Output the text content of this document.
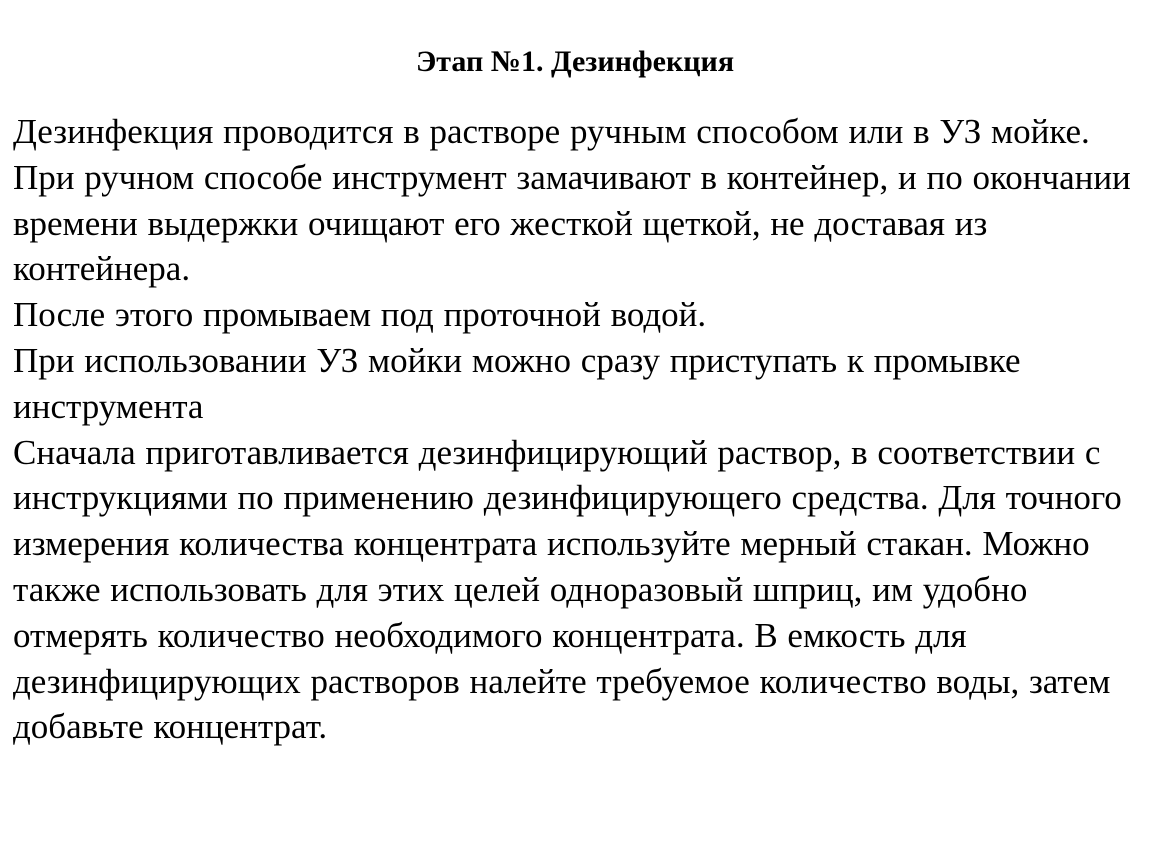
Этап №1. Дезинфекция

Дезинфекция проводится в растворе ручным способом или в УЗ мойке.

При ручном способе инструмент замачивают в контейнер, и по окончании времени выдержки очищают его жесткой щеткой, не доставая из контейнера.

После этого промываем под проточной водой.

При использовании УЗ мойки можно сразу приступать к промывке инструмента

Сначала приготавливается дезинфицирующий раствор, в соответствии с инструкциями по применению дезинфицирующего средства. Для точного измерения количества концентрата используйте мерный стакан. Можно также использовать для этих целей одноразовый шприц, им удобно отмерять количество необходимого концентрата. В емкость для дезинфицирующих растворов налейте требуемое количество воды, затем добавьте концентрат.
